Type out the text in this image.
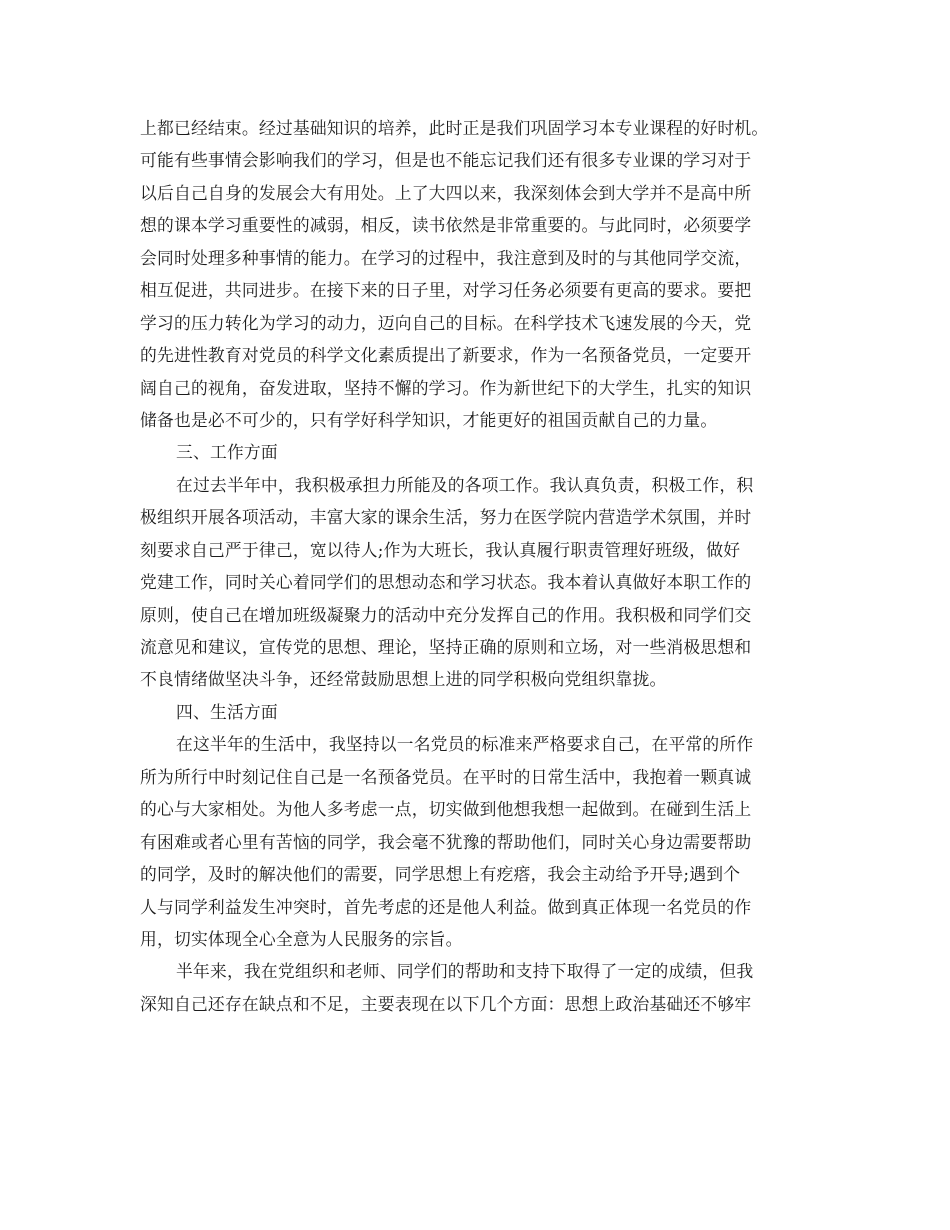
上都已经结束。经过基础知识的培养，此时正是我们巩固学习本专业课程的好时机。
可能有些事情会影响我们的学习，但是也不能忘记我们还有很多专业课的学习对于
以后自己自身的发展会大有用处。上了大四以来，我深刻体会到大学并不是高中所
想的课本学习重要性的减弱，相反，读书依然是非常重要的。与此同时，必须要学
会同时处理多种事情的能力。在学习的过程中，我注意到及时的与其他同学交流，
相互促进，共同进步。在接下来的日子里，对学习任务必须要有更高的要求。要把
学习的压力转化为学习的动力，迈向自己的目标。在科学技术飞速发展的今天，党
的先进性教育对党员的科学文化素质提出了新要求，作为一名预备党员，一定要开
阔自己的视角，奋发进取，坚持不懈的学习。作为新世纪下的大学生，扎实的知识
储备也是必不可少的，只有学好科学知识，才能更好的祖国贡献自己的力量。
三、工作方面
在过去半年中，我积极承担力所能及的各项工作。我认真负责，积极工作，积
极组织开展各项活动，丰富大家的课余生活，努力在医学院内营造学术氛围，并时
刻要求自己严于律己，宽以待人;作为大班长，我认真履行职责管理好班级，做好
党建工作，同时关心着同学们的思想动态和学习状态。我本着认真做好本职工作的
原则，使自己在增加班级凝聚力的活动中充分发挥自己的作用。我积极和同学们交
流意见和建议，宣传党的思想、理论，坚持正确的原则和立场，对一些消极思想和
不良情绪做坚决斗争，还经常鼓励思想上进的同学积极向党组织靠拢。
四、生活方面
在这半年的生活中，我坚持以一名党员的标准来严格要求自己，在平常的所作
所为所行中时刻记住自己是一名预备党员。在平时的日常生活中，我抱着一颗真诚
的心与大家相处。为他人多考虑一点，切实做到他想我想一起做到。在碰到生活上
有困难或者心里有苦恼的同学，我会毫不犹豫的帮助他们，同时关心身边需要帮助
的同学，及时的解决他们的需要，同学思想上有疙瘩，我会主动给予开导;遇到个
人与同学利益发生冲突时，首先考虑的还是他人利益。做到真正体现一名党员的作
用，切实体现全心全意为人民服务的宗旨。
半年来，我在党组织和老师、同学们的帮助和支持下取得了一定的成绩，但我
深知自己还存在缺点和不足，主要表现在以下几个方面：思想上政治基础还不够牢
